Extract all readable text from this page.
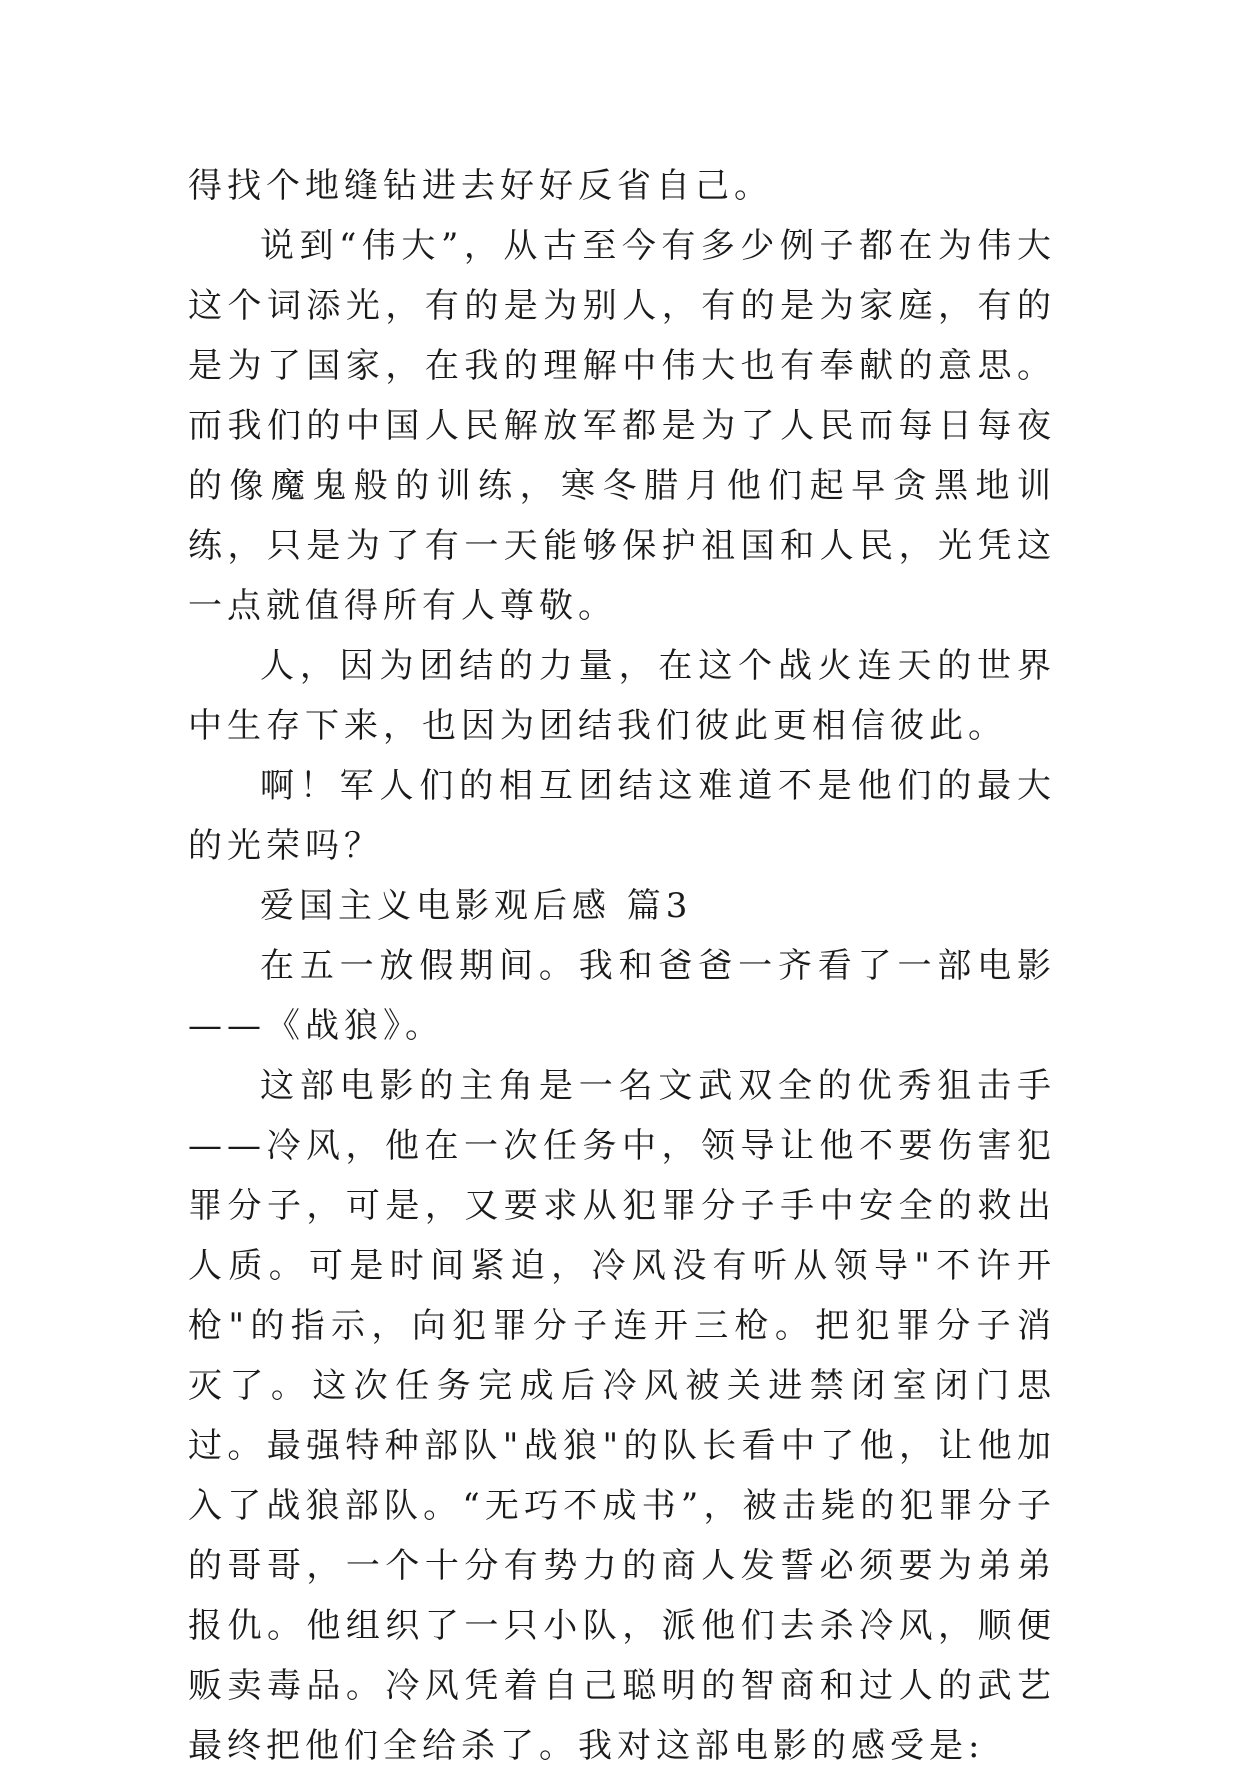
得找个地缝钻进去好好反省自己。

说到“伟大”，从古至今有多少例子都在为伟大这个词添光，有的是为别人，有的是为家庭，有的是为了国家，在我的理解中伟大也有奉献的意思。而我们的中国人民解放军都是为了人民而每日每夜的像魔鬼般的训练，寒冬腊月他们起早贪黑地训练，只是为了有一天能够保护祖国和人民，光凭这一点就值得所有人尊敬。

人，因为团结的力量，在这个战火连天的世界中生存下来，也因为团结我们彼此更相信彼此。

啊！军人们的相互团结这难道不是他们的最大的光荣吗？

爱国主义电影观后感 篇3

在五一放假期间。我和爸爸一齐看了一部电影——《战狼》。

这部电影的主角是一名文武双全的优秀狙击手——冷风，他在一次任务中，领导让他不要伤害犯罪分子，可是，又要求从犯罪分子手中安全的救出人质。可是时间紧迫，冷风没有听从领导"不许开枪"的指示，向犯罪分子连开三枪。把犯罪分子消灭了。这次任务完成后冷风被关进禁闭室闭门思过。最强特种部队"战狼"的队长看中了他，让他加入了战狼部队。“无巧不成书”，被击毙的犯罪分子的哥哥，一个十分有势力的商人发誓必须要为弟弟报仇。他组织了一只小队，派他们去杀冷风，顺便贩卖毒品。冷风凭着自己聪明的智商和过人的武艺最终把他们全给杀了。我对这部电影的感受是:
